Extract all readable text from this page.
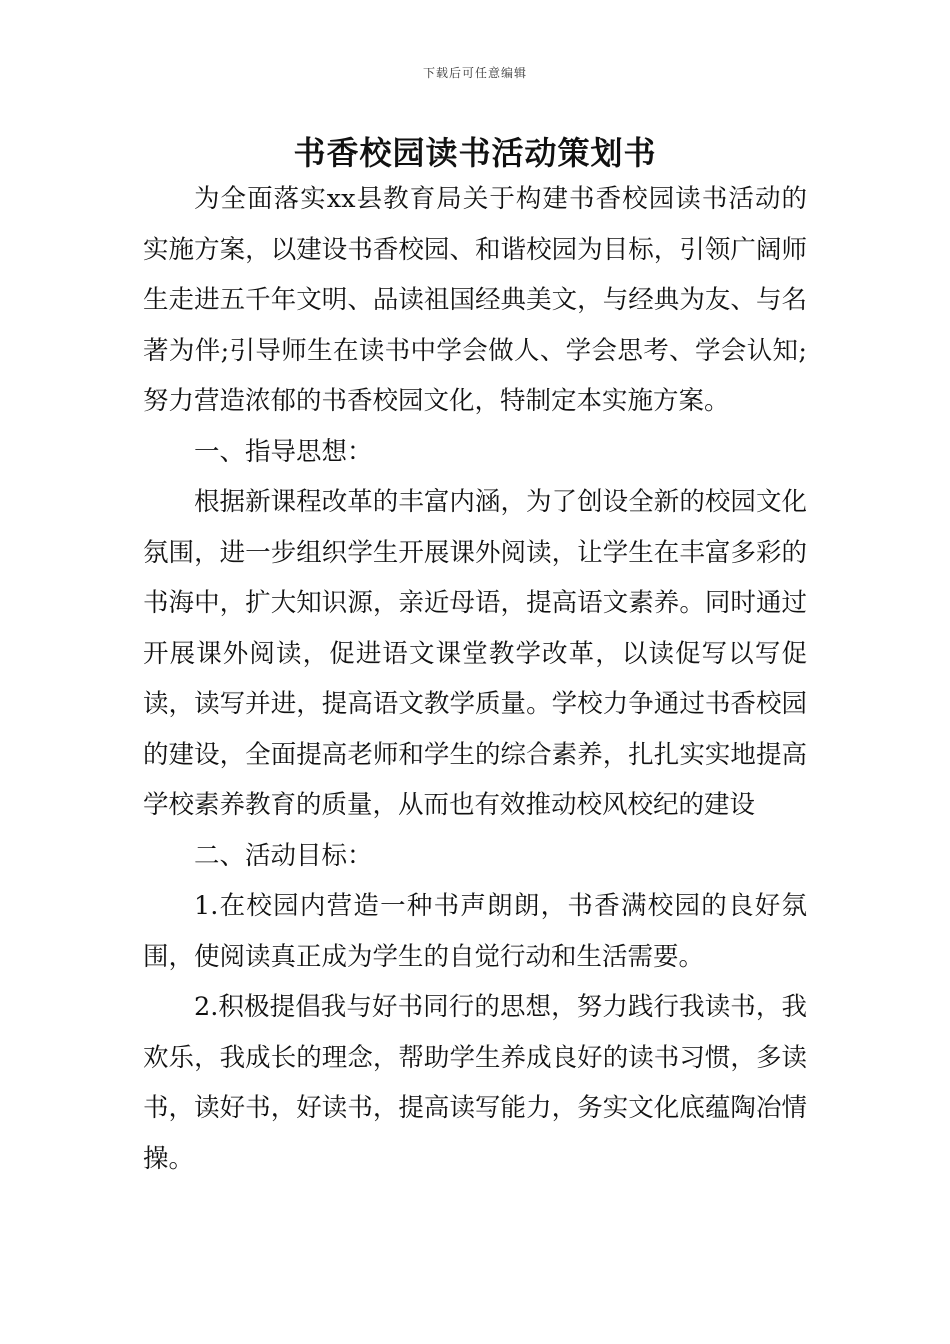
下载后可任意编辑
书香校园读书活动策划书

为全面落实xx县教育局关于构建书香校园读书活动的实施方案，以建设书香校园、和谐校园为目标，引领广阔师生走进五千年文明、品读祖国经典美文，与经典为友、与名著为伴;引导师生在读书中学会做人、学会思考、学会认知;努力营造浓郁的书香校园文化，特制定本实施方案。

一、指导思想：

根据新课程改革的丰富内涵，为了创设全新的校园文化氛围，进一步组织学生开展课外阅读，让学生在丰富多彩的书海中，扩大知识源，亲近母语，提高语文素养。同时通过开展课外阅读，促进语文课堂教学改革，以读促写以写促读，读写并进，提高语文教学质量。学校力争通过书香校园的建设，全面提高老师和学生的综合素养，扎扎实实地提高学校素养教育的质量，从而也有效推动校风校纪的建设

二、活动目标：

1.在校园内营造一种书声朗朗，书香满校园的良好氛围，使阅读真正成为学生的自觉行动和生活需要。

2.积极提倡我与好书同行的思想，努力践行我读书，我欢乐，我成长的理念，帮助学生养成良好的读书习惯，多读书，读好书，好读书，提高读写能力，务实文化底蕴陶冶情操。
